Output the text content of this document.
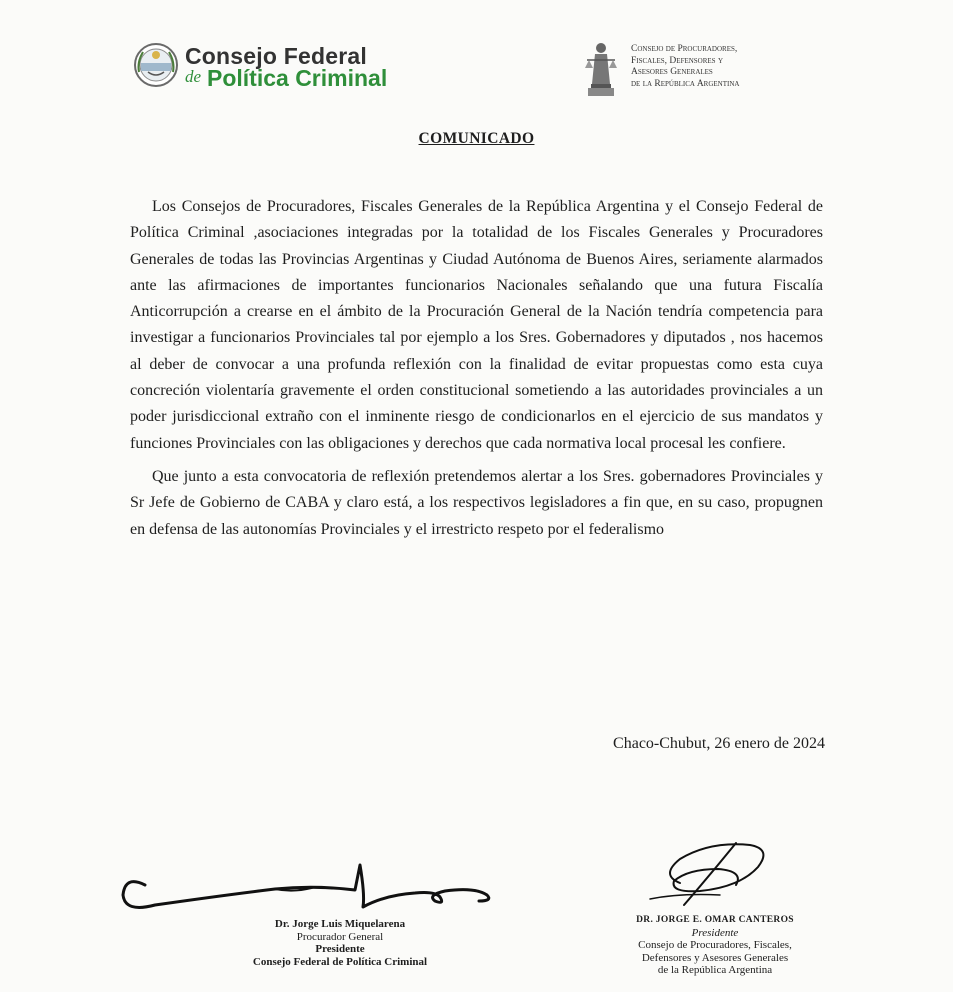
Consejo Federal
de Política Criminal
Consejo de Procuradores,
Fiscales, Defensores y
Asesores Generales
de la República Argentina
COMUNICADO

Los Consejos de Procuradores, Fiscales Generales de la República Argentina y el Consejo Federal de Política Criminal ,asociaciones integradas por la totalidad de los Fiscales Generales y Procuradores Generales de todas las Provincias Argentinas y Ciudad Autónoma de Buenos Aires, seriamente alarmados ante las afirmaciones de importantes funcionarios Nacionales señalando que una futura Fiscalía Anticorrupción a crearse en el ámbito de la Procuración General de la Nación tendría competencia para investigar a funcionarios Provinciales tal por ejemplo a los Sres. Gobernadores y diputados , nos hacemos al deber de convocar a una profunda reflexión con la finalidad de evitar propuestas como esta cuya concreción violentaría gravemente el orden constitucional sometiendo a las autoridades provinciales a un poder jurisdiccional extraño con el inminente riesgo de condicionarlos en el ejercicio de sus mandatos y funciones Provinciales con las obligaciones y derechos que cada normativa local procesal les confiere.

Que junto a esta convocatoria de reflexión pretendemos alertar a los Sres. gobernadores Provinciales y Sr Jefe de Gobierno de CABA y claro está, a los respectivos legisladores a fin que, en su caso, propugnen en defensa de las autonomías Provinciales y el irrestricto respeto por el federalismo

Chaco-Chubut, 26 enero de 2024
Dr. Jorge Luis Miquelarena
Procurador General
Presidente
Consejo Federal de Política Criminal
DR. JORGE E. OMAR CANTEROS
Presidente
Consejo de Procuradores, Fiscales,
Defensores y Asesores Generales
de la República Argentina
